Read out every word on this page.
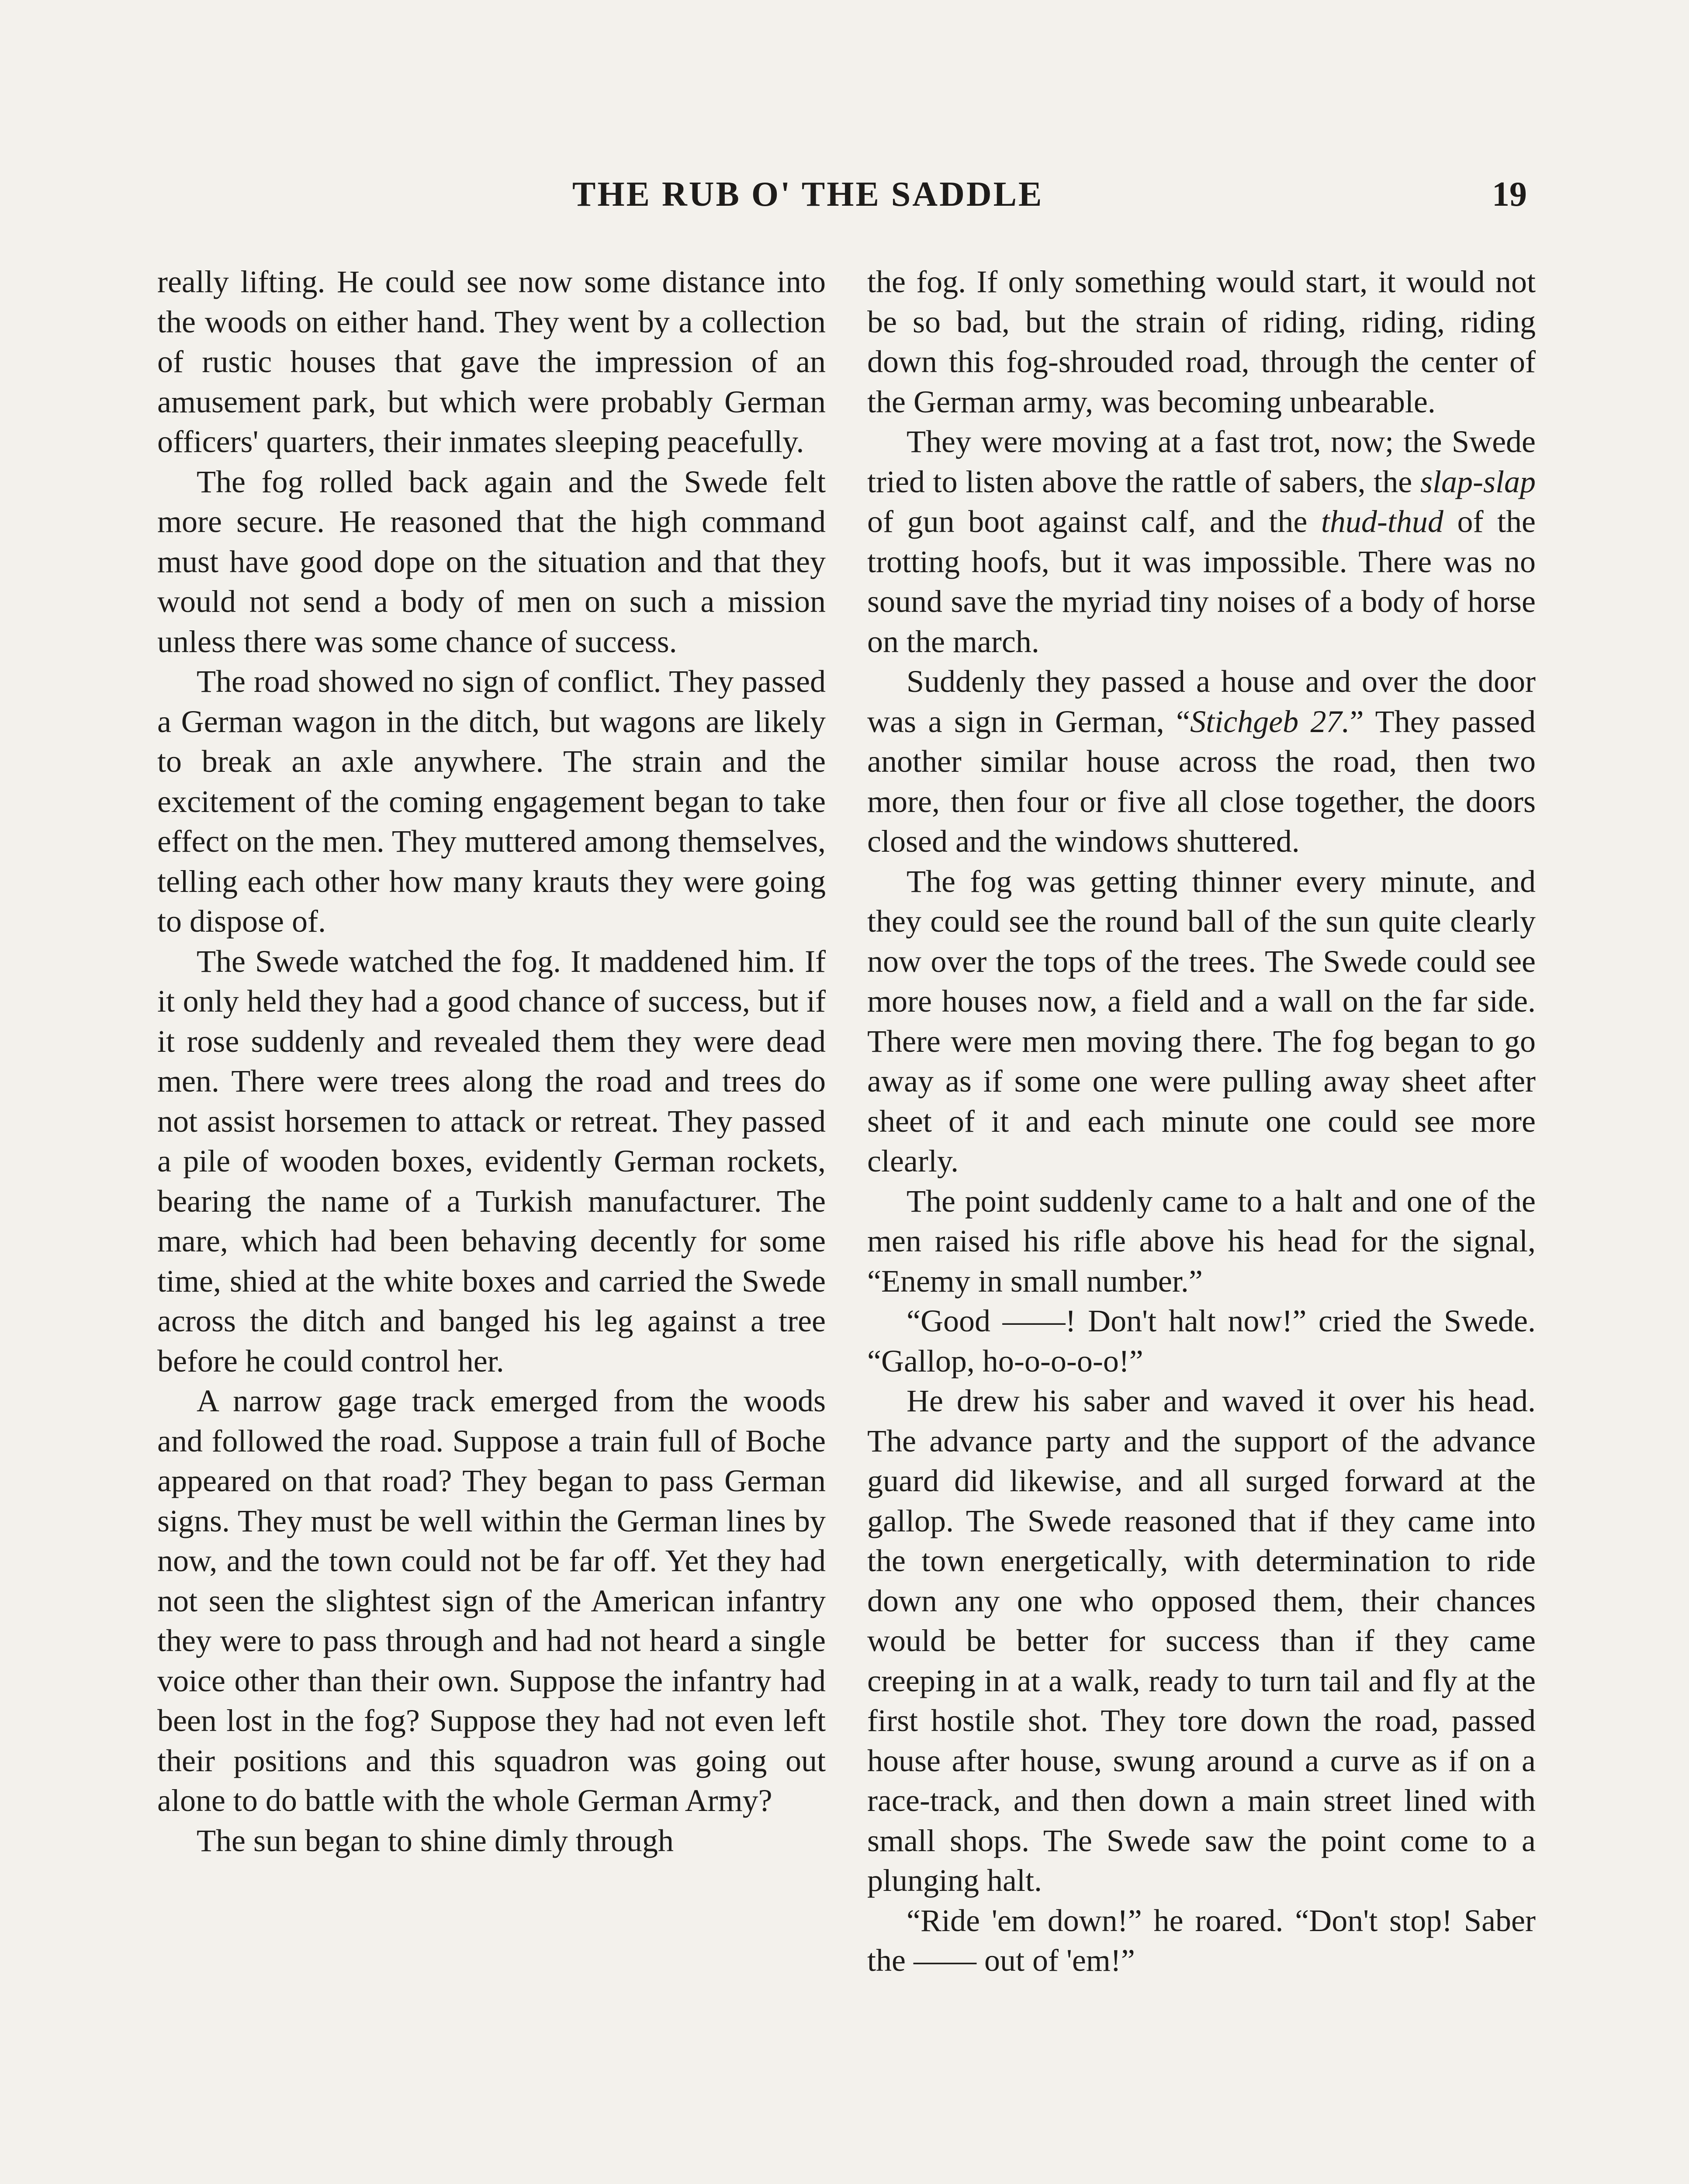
THE RUB O' THE SADDLE	19

really lifting. He could see now some distance into the woods on either hand. They went by a collection of rustic houses that gave the impression of an amusement park, but which were probably German officers' quarters, their inmates sleeping peacefully.

The fog rolled back again and the Swede felt more secure. He reasoned that the high command must have good dope on the situation and that they would not send a body of men on such a mission unless there was some chance of success.

The road showed no sign of conflict. They passed a German wagon in the ditch, but wagons are likely to break an axle anywhere. The strain and the excitement of the coming engagement began to take effect on the men. They muttered among themselves, telling each other how many krauts they were going to dispose of.

The Swede watched the fog. It maddened him. If it only held they had a good chance of success, but if it rose suddenly and revealed them they were dead men. There were trees along the road and trees do not assist horsemen to attack or retreat. They passed a pile of wooden boxes, evidently German rockets, bearing the name of a Turkish manufacturer. The mare, which had been behaving decently for some time, shied at the white boxes and carried the Swede across the ditch and banged his leg against a tree before he could control her.

A narrow gage track emerged from the woods and followed the road. Suppose a train full of Boche appeared on that road? They began to pass German signs. They must be well within the German lines by now, and the town could not be far off. Yet they had not seen the slightest sign of the American infantry they were to pass through and had not heard a single voice other than their own. Suppose the infantry had been lost in the fog? Suppose they had not even left their positions and this squadron was going out alone to do battle with the whole German Army?

The sun began to shine dimly through

the fog. If only something would start, it would not be so bad, but the strain of riding, riding, riding down this fog-shrouded road, through the center of the German army, was becoming unbearable.

They were moving at a fast trot, now; the Swede tried to listen above the rattle of sabers, the slap-slap of gun boot against calf, and the thud-thud of the trotting hoofs, but it was impossible. There was no sound save the myriad tiny noises of a body of horse on the march.

Suddenly they passed a house and over the door was a sign in German, “Stichgeb 27.” They passed another similar house across the road, then two more, then four or five all close together, the doors closed and the windows shuttered.

The fog was getting thinner every minute, and they could see the round ball of the sun quite clearly now over the tops of the trees. The Swede could see more houses now, a field and a wall on the far side. There were men moving there. The fog began to go away as if some one were pulling away sheet after sheet of it and each minute one could see more clearly.

The point suddenly came to a halt and one of the men raised his rifle above his head for the signal, “Enemy in small number.”

“Good ——! Don't halt now!” cried the Swede. “Gallop, ho-o-o-o-o!”

He drew his saber and waved it over his head. The advance party and the support of the advance guard did likewise, and all surged forward at the gallop. The Swede reasoned that if they came into the town energetically, with determination to ride down any one who opposed them, their chances would be better for success than if they came creeping in at a walk, ready to turn tail and fly at the first hostile shot. They tore down the road, passed house after house, swung around a curve as if on a race-track, and then down a main street lined with small shops. The Swede saw the point come to a plunging halt.

“Ride 'em down!” he roared. “Don't stop! Saber the —— out of 'em!”
